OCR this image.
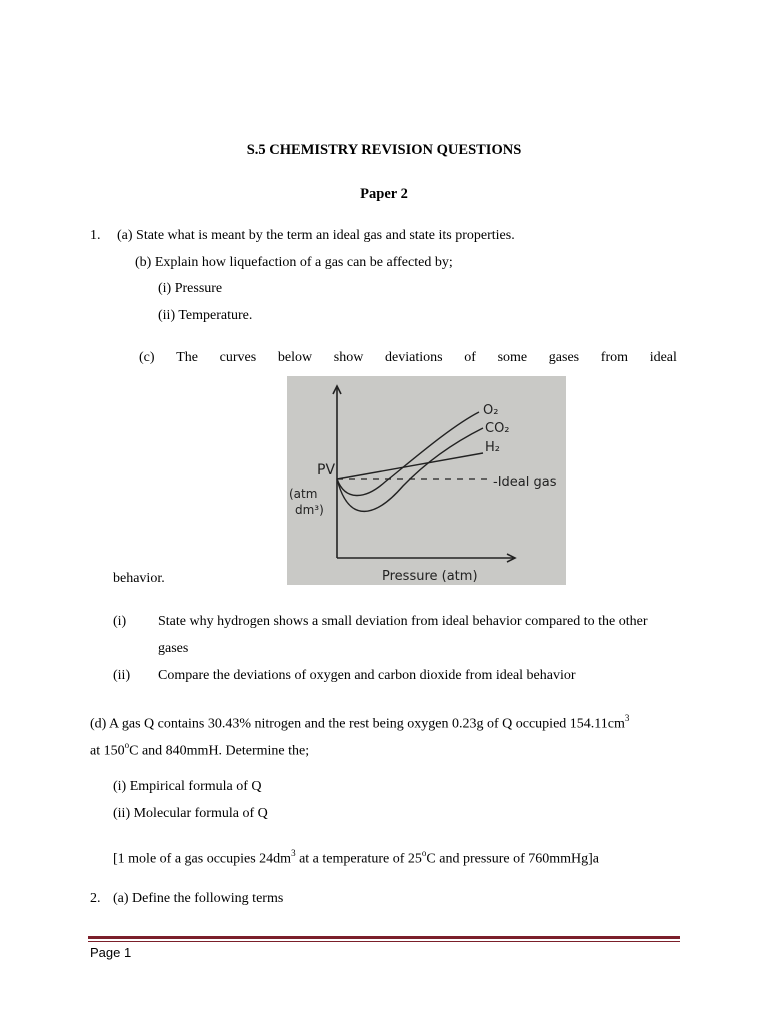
S.5 CHEMISTRY REVISION QUESTIONS
Paper 2
1. (a) State what is meant by the term an ideal gas and state its properties.
(b) Explain how liquefaction of a gas can be affected by;
(i) Pressure
(ii) Temperature.
(c) The curves below show deviations of some gases from ideal
O₂
CO₂
H₂
-Ideal gas
PV
(atm
dm³)
Pressure (atm)
behavior.
(i) State why hydrogen shows a small deviation from ideal behavior compared to the other
gases
(ii) Compare the deviations of oxygen and carbon dioxide from ideal behavior
(d) A gas Q contains 30.43% nitrogen and the rest being oxygen 0.23g of Q occupied $154.11cm^3$
at 150$^o$C and 840mmH. Determine the;
(i) Empirical formula of Q
(ii) Molecular formula of Q
[1 mole of a gas occupies $24dm^3$ at a temperature of 25$^o$C and pressure of 760mmHg]a
2. (a) Define the following terms
Page 1
